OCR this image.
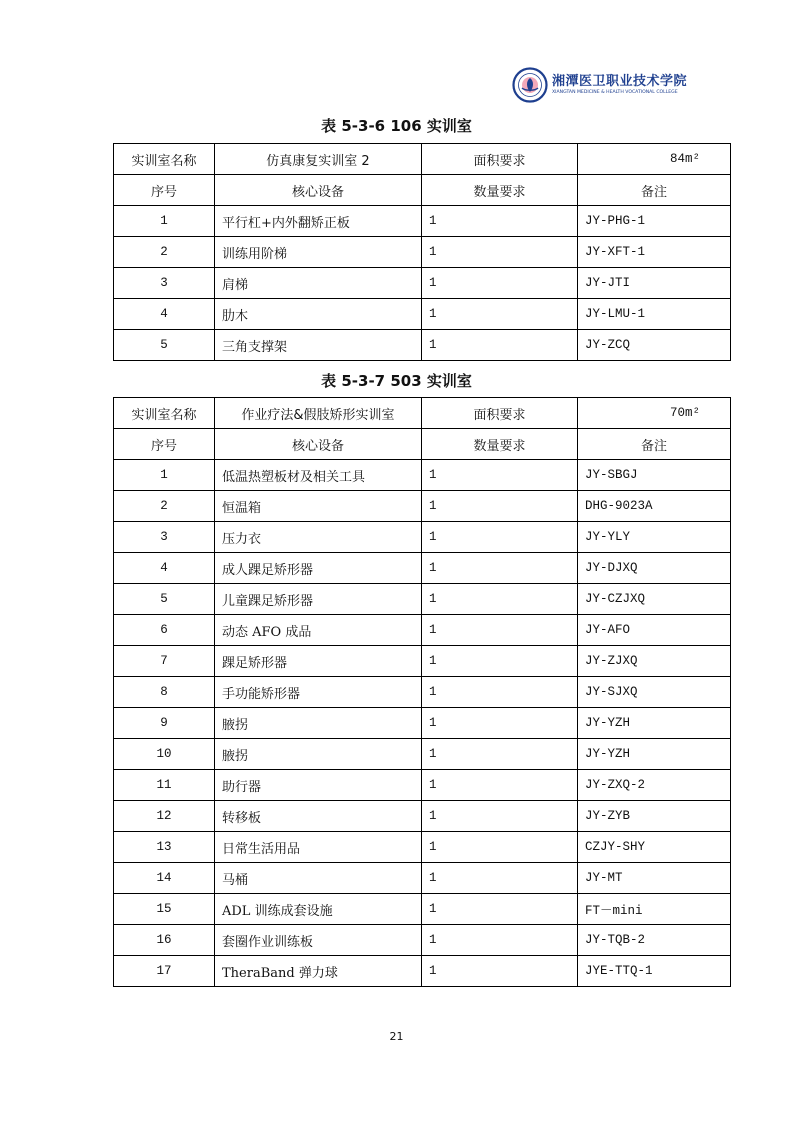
湘潭医卫职业技术学院
XIANGTAN MEDICINE & HEALTH VOCATIONAL COLLEGE
表 5-3-6 106 实训室
实训室名称	仿真康复实训室 2	面积要求	84m²
序号	核心设备	数量要求	备注
1	平行杠+内外翻矫正板	1	JY-PHG-1
2	训练用阶梯	1	JY-XFT-1
3	肩梯	1	JY-JTI
4	肋木	1	JY-LMU-1
5	三角支撑架	1	JY-ZCQ
表 5-3-7 503 实训室
实训室名称	作业疗法&假肢矫形实训室	面积要求	70m²
序号	核心设备	数量要求	备注
1	低温热塑板材及相关工具	1	JY-SBGJ
2	恒温箱	1	DHG-9023A
3	压力衣	1	JY-YLY
4	成人踝足矫形器	1	JY-DJXQ
5	儿童踝足矫形器	1	JY-CZJXQ
6	动态 AFO 成品	1	JY-AFO
7	踝足矫形器	1	JY-ZJXQ
8	手功能矫形器	1	JY-SJXQ
9	腋拐	1	JY-YZH
10	腋拐	1	JY-YZH
11	助行器	1	JY-ZXQ-2
12	转移板	1	JY-ZYB
13	日常生活用品	1	CZJY-SHY
14	马桶	1	JY-MT
15	ADL 训练成套设施	1	FT－mini
16	套圈作业训练板	1	JY-TQB-2
17	TheraBand 弹力球	1	JYE-TTQ-1
21
